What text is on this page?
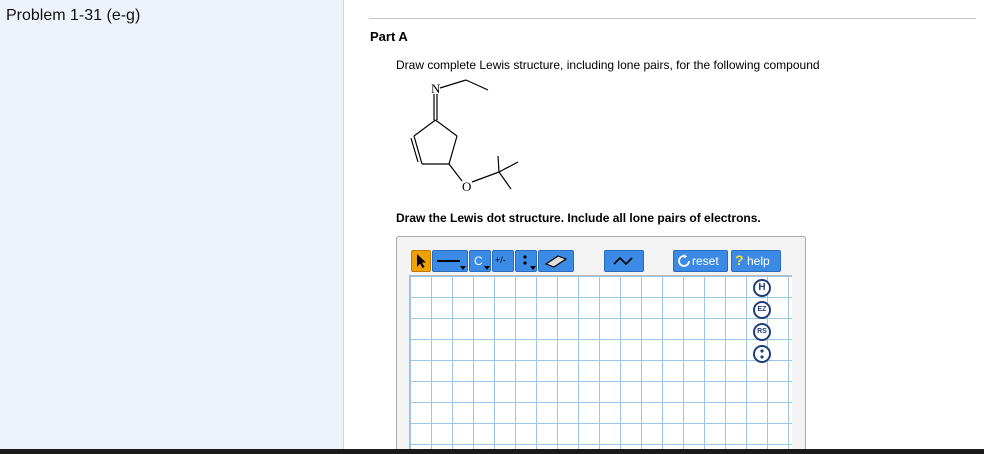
Problem 1-31 (e-g)
Part A
Draw complete Lewis structure, including lone pairs, for the following compound
N
O
Draw the Lewis dot structure. Include all lone pairs of electrons.
C +/-	reset ? help
H
EZ
RS
